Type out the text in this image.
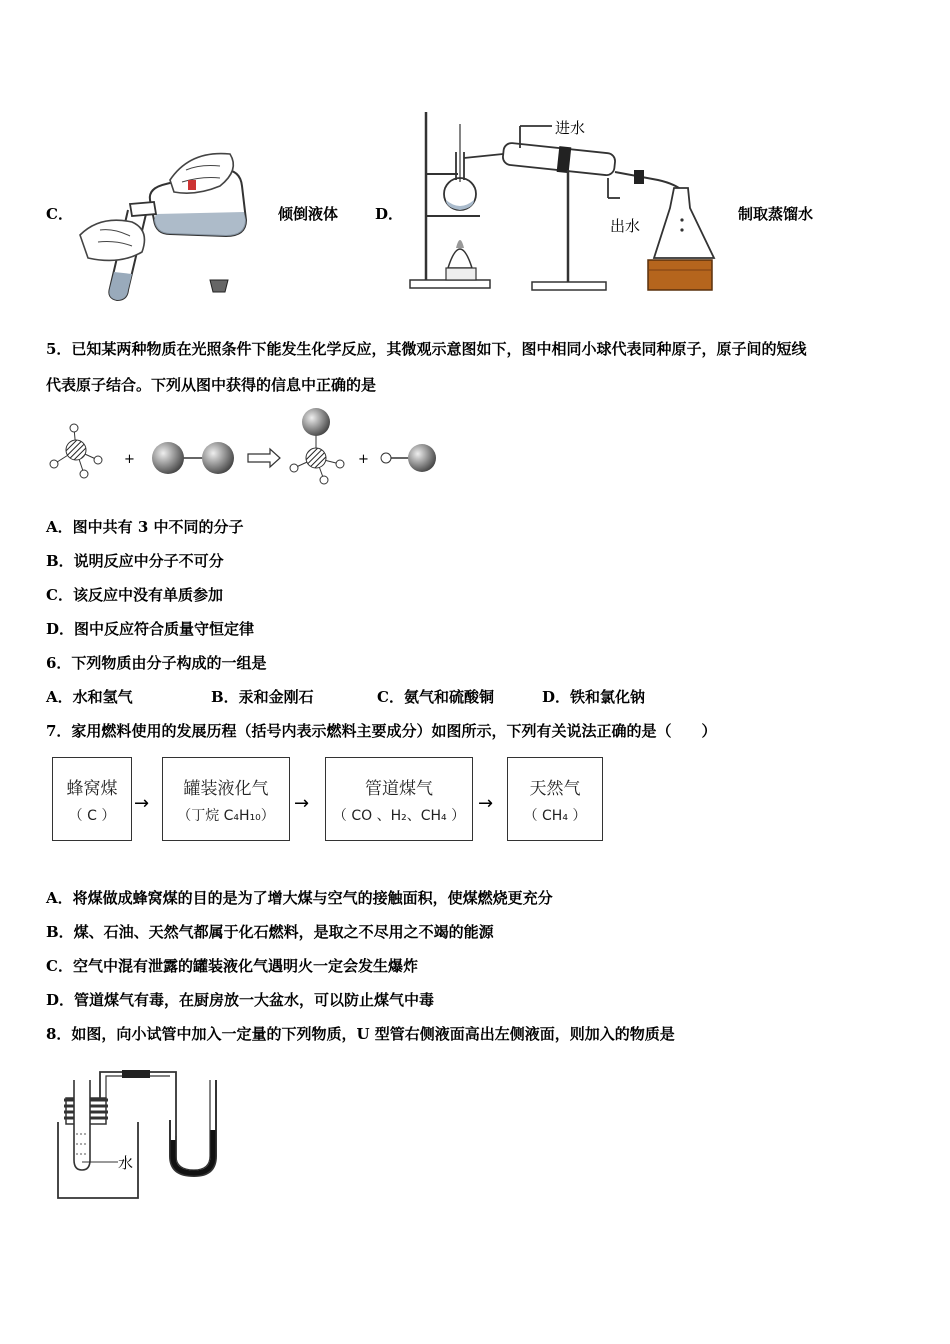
C．	倾倒液体 D．
进水
出水
制取蒸馏水
5．已知某两种物质在光照条件下能发生化学反应，其微观示意图如下，图中相同小球代表同种原子，原子间的短线
代表原子结合。下列从图中获得的信息中正确的是
+	+
A．图中共有 3 中不同的分子
B．说明反应中分子不可分
C．该反应中没有单质参加
D．图中反应符合质量守恒定律
6．下列物质由分子构成的一组是
A．水和氢气	B．汞和金刚石	C．氨气和硫酸铜	D．铁和氯化钠
7．家用燃料使用的发展历程（括号内表示燃料主要成分）如图所示，下列有关说法正确的是（　　）
蜂窝煤
（ C ）
→
罐装液化气
（丁烷 C₄H₁₀）
→
管道煤气
（ CO 、H₂、CH₄ ）
→
天然气
（ CH₄ ）
A．将煤做成蜂窝煤的目的是为了增大煤与空气的接触面积，使煤燃烧更充分
B．煤、石油、天然气都属于化石燃料，是取之不尽用之不竭的能源
C．空气中混有泄露的罐装液化气遇明火一定会发生爆炸
D．管道煤气有毒，在厨房放一大盆水，可以防止煤气中毒
8．如图，向小试管中加入一定量的下列物质，U 型管右侧液面高出左侧液面，则加入的物质是
水
